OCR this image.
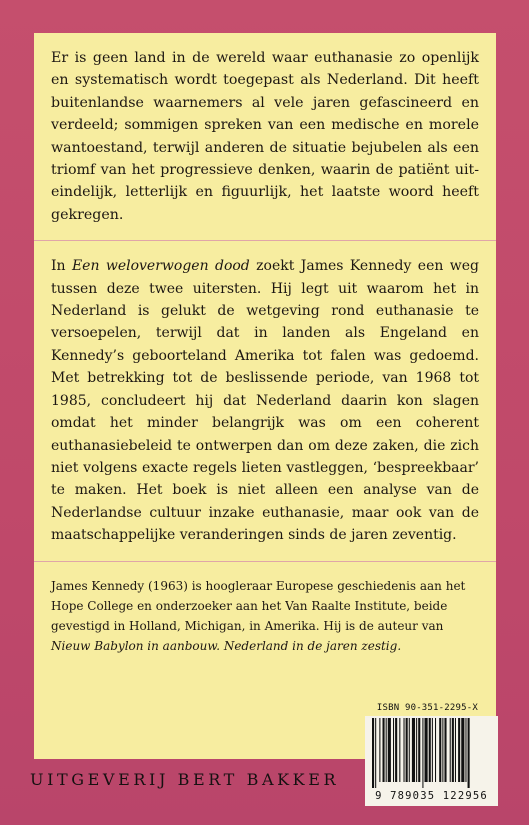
Er is geen land in de wereld waar euthanasie zo openlijk en systematisch wordt toegepast als Nederland. Dit heeft buitenlandse waarnemers al vele jaren gefascineerd en verdeeld; sommigen spreken van een medische en morele wantoestand, terwijl anderen de situatie bejubelen als een triomf van het progressieve denken, waarin de patiënt uiteindelijk, letterlijk en figuurlijk, het laatste woord heeft gekregen.

In Een weloverwogen dood zoekt James Kennedy een weg tussen deze twee uitersten. Hij legt uit waarom het in Nederland is gelukt de wetgeving rond euthanasie te versoepelen, terwijl dat in landen als Engeland en Kennedy’s geboorteland Amerika tot falen was gedoemd. Met betrekking tot de beslissende periode, van 1968 tot 1985, concludeert hij dat Nederland daarin kon slagen omdat het minder belangrijk was om een coherent euthanasiebeleid te ontwerpen dan om deze zaken, die zich niet volgens exacte regels lieten vastleggen, ‘bespreekbaar’ te maken. Het boek is niet alleen een analyse van de Nederlandse cultuur inzake euthanasie, maar ook van de maatschappelijke veranderingen sinds de jaren zeventig.

James Kennedy (1963) is hoogleraar Europese geschiedenis aan het Hope College en onderzoeker aan het Van Raalte Institute, beide gevestigd in Holland, Michigan, in Amerika. Hij is de auteur van Nieuw Babylon in aanbouw. Nederland in de jaren zestig.

ISBN 90-351-2295-X
UITGEVERIJ BERT BAKKER
9 789035 122956
